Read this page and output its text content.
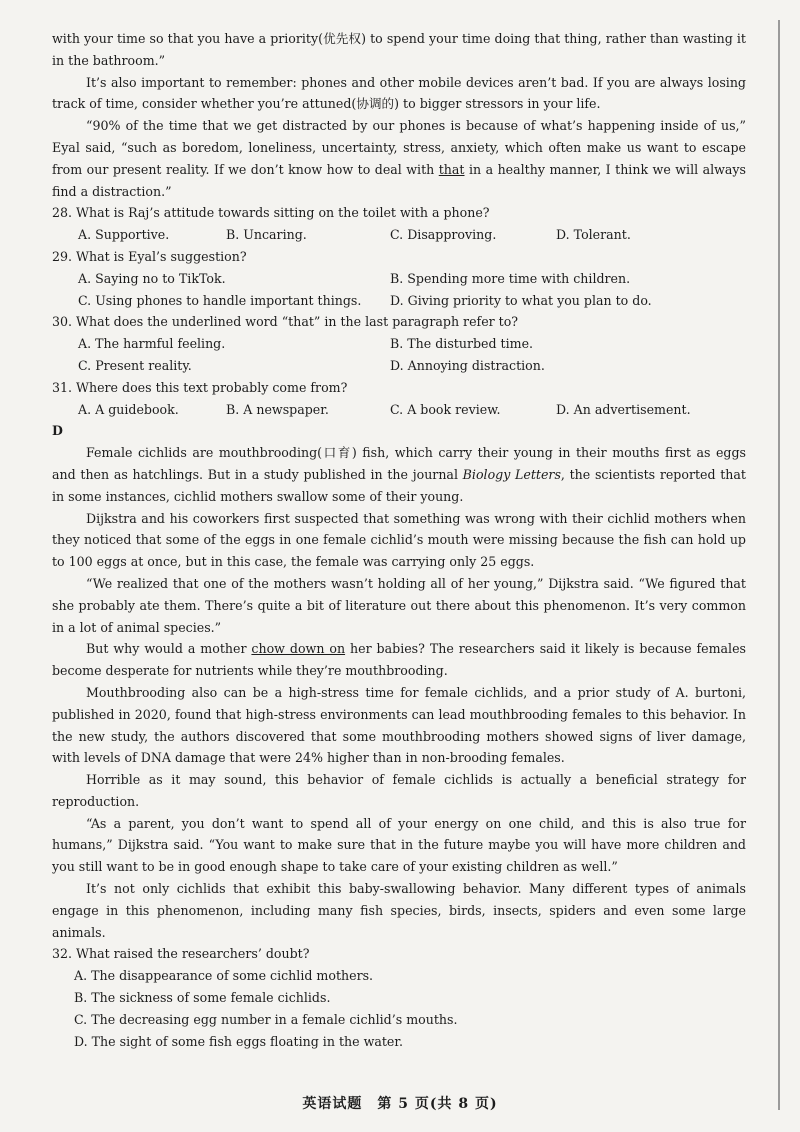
with your time so that you have a priority(优先权) to spend your time doing that thing, rather than wasting it in the bathroom.”

It’s also important to remember: phones and other mobile devices aren’t bad. If you are always losing track of time, consider whether you’re attuned(协调的) to bigger stressors in your life.

“90% of the time that we get distracted by our phones is because of what’s happening inside of us,” Eyal said, “such as boredom, loneliness, uncertainty, stress, anxiety, which often make us want to escape from our present reality. If we don’t know how to deal with that in a healthy manner, I think we will always find a distraction.”

28. What is Raj’s attitude towards sitting on the toilet with a phone?

A. Supportive.	B. Uncaring.	C. Disapproving.	D. Tolerant.

29. What is Eyal’s suggestion?

A. Saying no to TikTok.	B. Spending more time with children.
C. Using phones to handle important things. D. Giving priority to what you plan to do.

30. What does the underlined word “that” in the last paragraph refer to?

A. The harmful feeling.	B. The disturbed time.
C. Present reality.	D. Annoying distraction.

31. Where does this text probably come from?

A. A guidebook.	B. A newspaper.	C. A book review.	D. An advertisement.

D

Female cichlids are mouthbrooding(口育) fish, which carry their young in their mouths first as eggs and then as hatchlings. But in a study published in the journal Biology Letters, the scientists reported that in some instances, cichlid mothers swallow some of their young.

Dijkstra and his coworkers first suspected that something was wrong with their cichlid mothers when they noticed that some of the eggs in one female cichlid’s mouth were missing because the fish can hold up to 100 eggs at once, but in this case, the female was carrying only 25 eggs.

“We realized that one of the mothers wasn’t holding all of her young,” Dijkstra said. “We figured that she probably ate them. There’s quite a bit of literature out there about this phenomenon. It’s very common in a lot of animal species.”

But why would a mother chow down on her babies? The researchers said it likely is because females become desperate for nutrients while they’re mouthbrooding.

Mouthbrooding also can be a high-stress time for female cichlids, and a prior study of A. burtoni, published in 2020, found that high-stress environments can lead mouthbrooding females to this behavior. In the new study, the authors discovered that some mouthbrooding mothers showed signs of liver damage, with levels of DNA damage that were 24% higher than in non-brooding females.

Horrible as it may sound, this behavior of female cichlids is actually a beneficial strategy for reproduction.

“As a parent, you don’t want to spend all of your energy on one child, and this is also true for humans,” Dijkstra said. “You want to make sure that in the future maybe you will have more children and you still want to be in good enough shape to take care of your existing children as well.”

It’s not only cichlids that exhibit this baby-swallowing behavior. Many different types of animals engage in this phenomenon, including many fish species, birds, insects, spiders and even some large animals.

32. What raised the researchers’ doubt?

A. The disappearance of some cichlid mothers.

B. The sickness of some female cichlids.

C. The decreasing egg number in a female cichlid’s mouths.

D. The sight of some fish eggs floating in the water.

英语试题　第 5 页(共 8 页)
